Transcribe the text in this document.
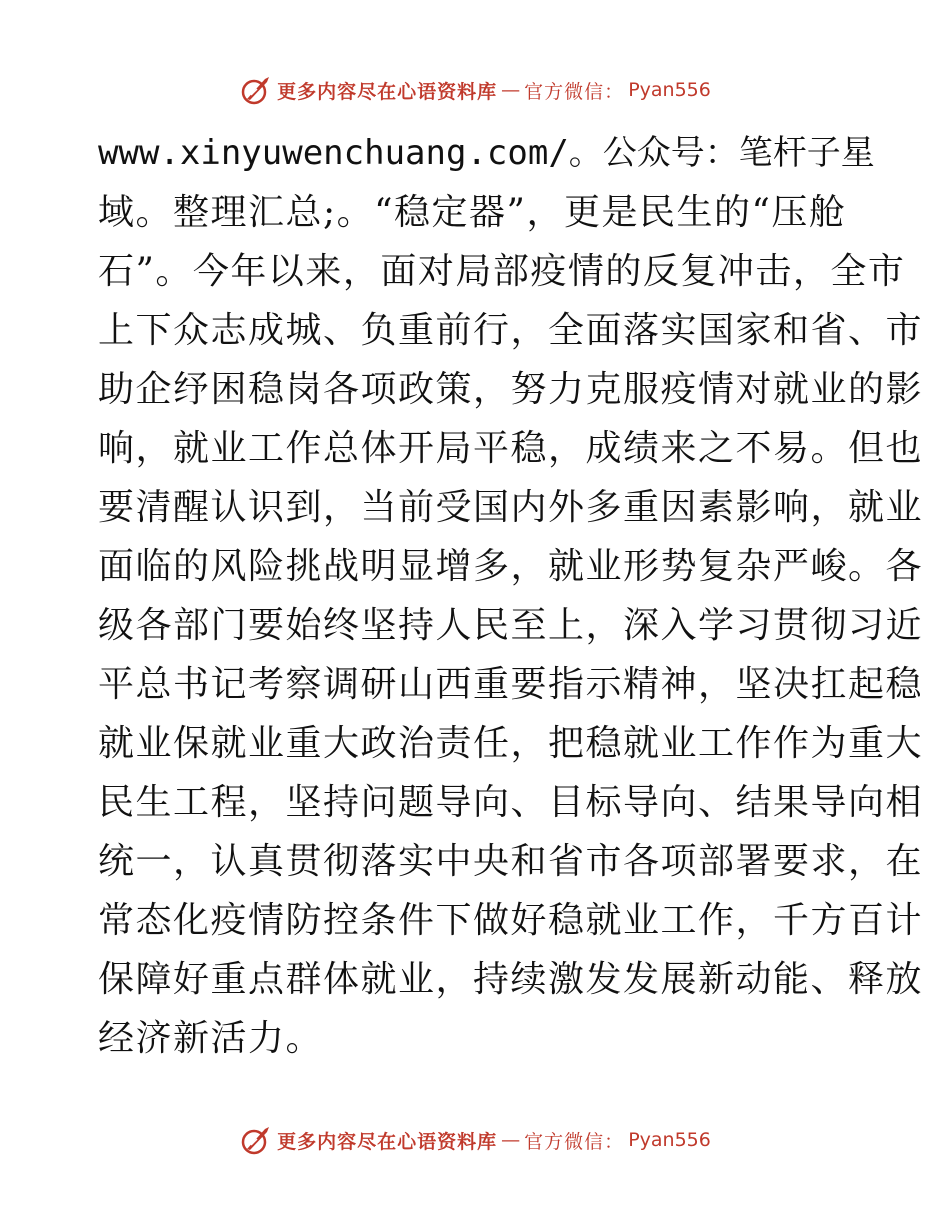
更多内容尽在心语资料库 — 官方微信： Pyan556
www.xinyuwenchuang.com/。公众号：笔杆子星
域。整理汇总;。“稳定器”，更是民生的“压舱
石”。今年以来，面对局部疫情的反复冲击，全市
上下众志成城、负重前行，全面落实国家和省、市
助企纾困稳岗各项政策，努力克服疫情对就业的影
响，就业工作总体开局平稳，成绩来之不易。但也
要清醒认识到，当前受国内外多重因素影响，就业
面临的风险挑战明显增多，就业形势复杂严峻。各
级各部门要始终坚持人民至上，深入学习贯彻习近
平总书记考察调研山西重要指示精神，坚决扛起稳
就业保就业重大政治责任，把稳就业工作作为重大
民生工程，坚持问题导向、目标导向、结果导向相
统一，认真贯彻落实中央和省市各项部署要求，在
常态化疫情防控条件下做好稳就业工作，千方百计
保障好重点群体就业，持续激发发展新动能、释放
经济新活力。
更多内容尽在心语资料库 — 官方微信： Pyan556
